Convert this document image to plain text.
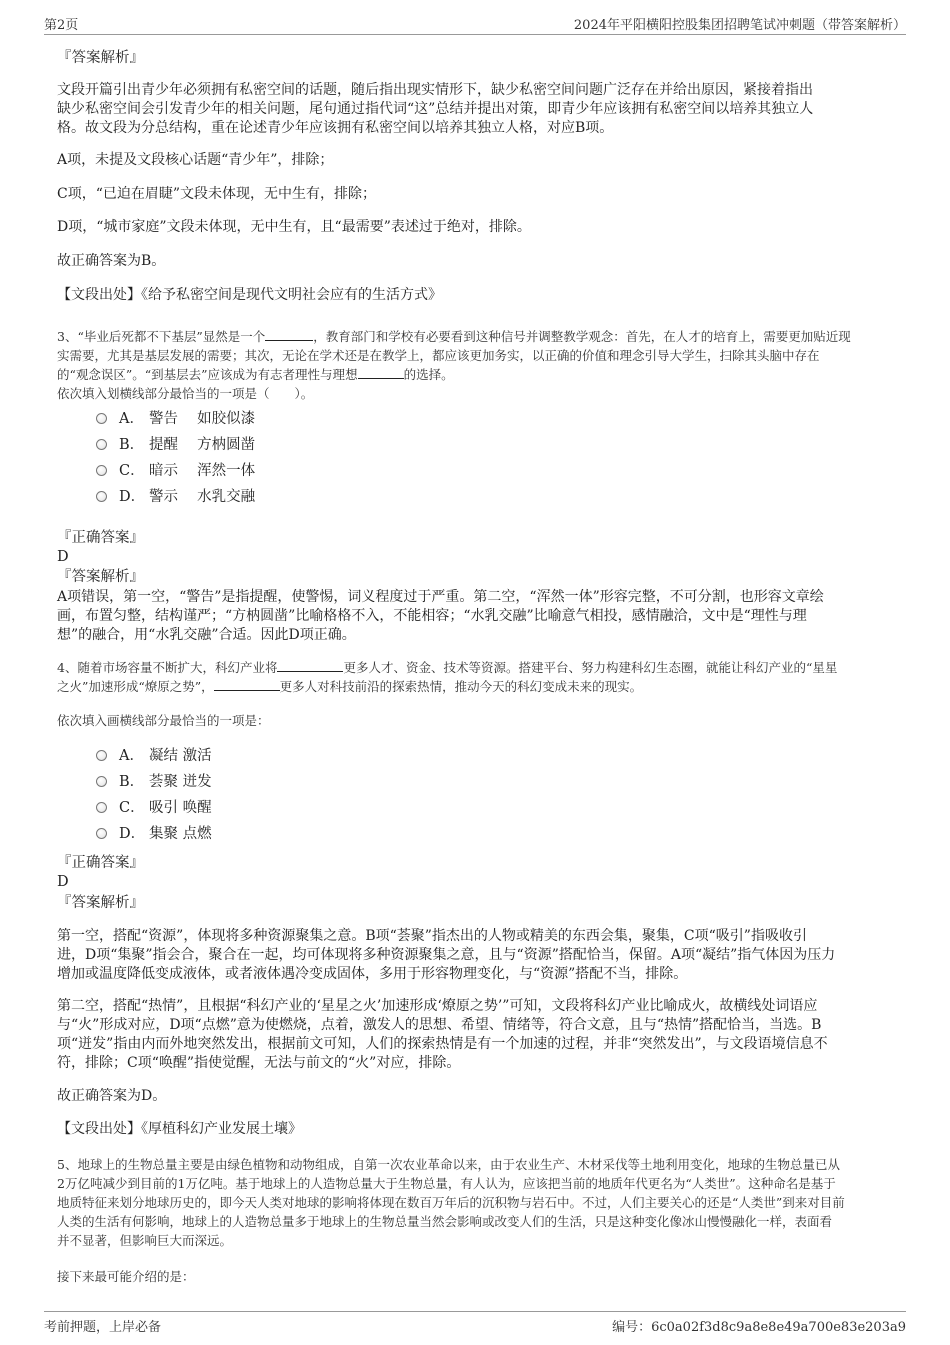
第2页	2024年平阳横阳控股集团招聘笔试冲刺题（带答案解析）
『答案解析』
文段开篇引出青少年必须拥有私密空间的话题，随后指出现实情形下，缺少私密空间问题广泛存在并给出原因，紧接着指出
缺少私密空间会引发青少年的相关问题，尾句通过指代词“这”总结并提出对策，即青少年应该拥有私密空间以培养其独立人
格。故文段为分总结构，重在论述青少年应该拥有私密空间以培养其独立人格，对应B项。
A项，未提及文段核心话题“青少年”，排除；
C项，“已迫在眉睫”文段未体现，无中生有，排除；
D项，“城市家庭”文段未体现，无中生有，且“最需要”表述过于绝对，排除。
故正确答案为B。
【文段出处】《给予私密空间是现代文明社会应有的生活方式》
3、“毕业后死都不下基层”显然是一个	，教育部门和学校有必要看到这种信号并调整教学观念：首先，在人才的培育上，需要更加贴近现
实需要，尤其是基层发展的需要；其次，无论在学术还是在教学上，都应该更加务实，以正确的价值和理念引导大学生，扫除其头脑中存在
的“观念误区”。“到基层去”应该成为有志者理性与理想	的选择。
依次填入划横线部分最恰当的一项是（　　）。
A． 警告　 如胶似漆
B． 提醒　 方枘圆凿
C． 暗示　 浑然一体
D． 警示　 水乳交融
『正确答案』
D
『答案解析』
A项错误，第一空，“警告”是指提醒，使警惕，词义程度过于严重。第二空，“浑然一体”形容完整，不可分割，也形容文章绘
画，布置匀整，结构谨严；“方枘圆凿”比喻格格不入，不能相容；“水乳交融”比喻意气相投，感情融洽，文中是“理性与理
想”的融合，用“水乳交融”合适。因此D项正确。
4、随着市场容量不断扩大，科幻产业将	更多人才、资金、技术等资源。搭建平台、努力构建科幻生态圈，就能让科幻产业的“星星
之火”加速形成“燎原之势”，	更多人对科技前沿的探索热情，推动今天的科幻变成未来的现实。
依次填入画横线部分最恰当的一项是：
A． 凝结 激活
B． 荟聚 迸发
C． 吸引 唤醒
D． 集聚 点燃
『正确答案』
D
『答案解析』
第一空，搭配“资源”，体现将多种资源聚集之意。B项“荟聚”指杰出的人物或精美的东西会集，聚集，C项“吸引”指吸收引
进，D项“集聚”指会合，聚合在一起，均可体现将多种资源聚集之意，且与“资源”搭配恰当，保留。A项“凝结”指气体因为压力
增加或温度降低变成液体，或者液体遇冷变成固体，多用于形容物理变化，与“资源”搭配不当，排除。
第二空，搭配“热情”，且根据“科幻产业的‘星星之火’加速形成‘燎原之势’”可知，文段将科幻产业比喻成火，故横线处词语应
与“火”形成对应，D项“点燃”意为使燃烧，点着，激发人的思想、希望、情绪等，符合文意，且与“热情”搭配恰当，当选。B
项“迸发”指由内而外地突然发出，根据前文可知，人们的探索热情是有一个加速的过程，并非“突然发出”，与文段语境信息不
符，排除；C项“唤醒”指使觉醒，无法与前文的“火”对应，排除。
故正确答案为D。
【文段出处】《厚植科幻产业发展土壤》
5、地球上的生物总量主要是由绿色植物和动物组成，自第一次农业革命以来，由于农业生产、木材采伐等土地利用变化，地球的生物总量已从
2万亿吨减少到目前的1万亿吨。基于地球上的人造物总量大于生物总量，有人认为，应该把当前的地质年代更名为“人类世”。这种命名是基于
地质特征来划分地球历史的，即今天人类对地球的影响将体现在数百万年后的沉积物与岩石中。不过，人们主要关心的还是“人类世”到来对目前
人类的生活有何影响，地球上的人造物总量多于地球上的生物总量当然会影响或改变人们的生活，只是这种变化像冰山慢慢融化一样，表面看
并不显著，但影响巨大而深远。
接下来最可能介绍的是：
考前押题，上岸必备	编号：6c0a02f3d8c9a8e8e49a700e83e203a9
